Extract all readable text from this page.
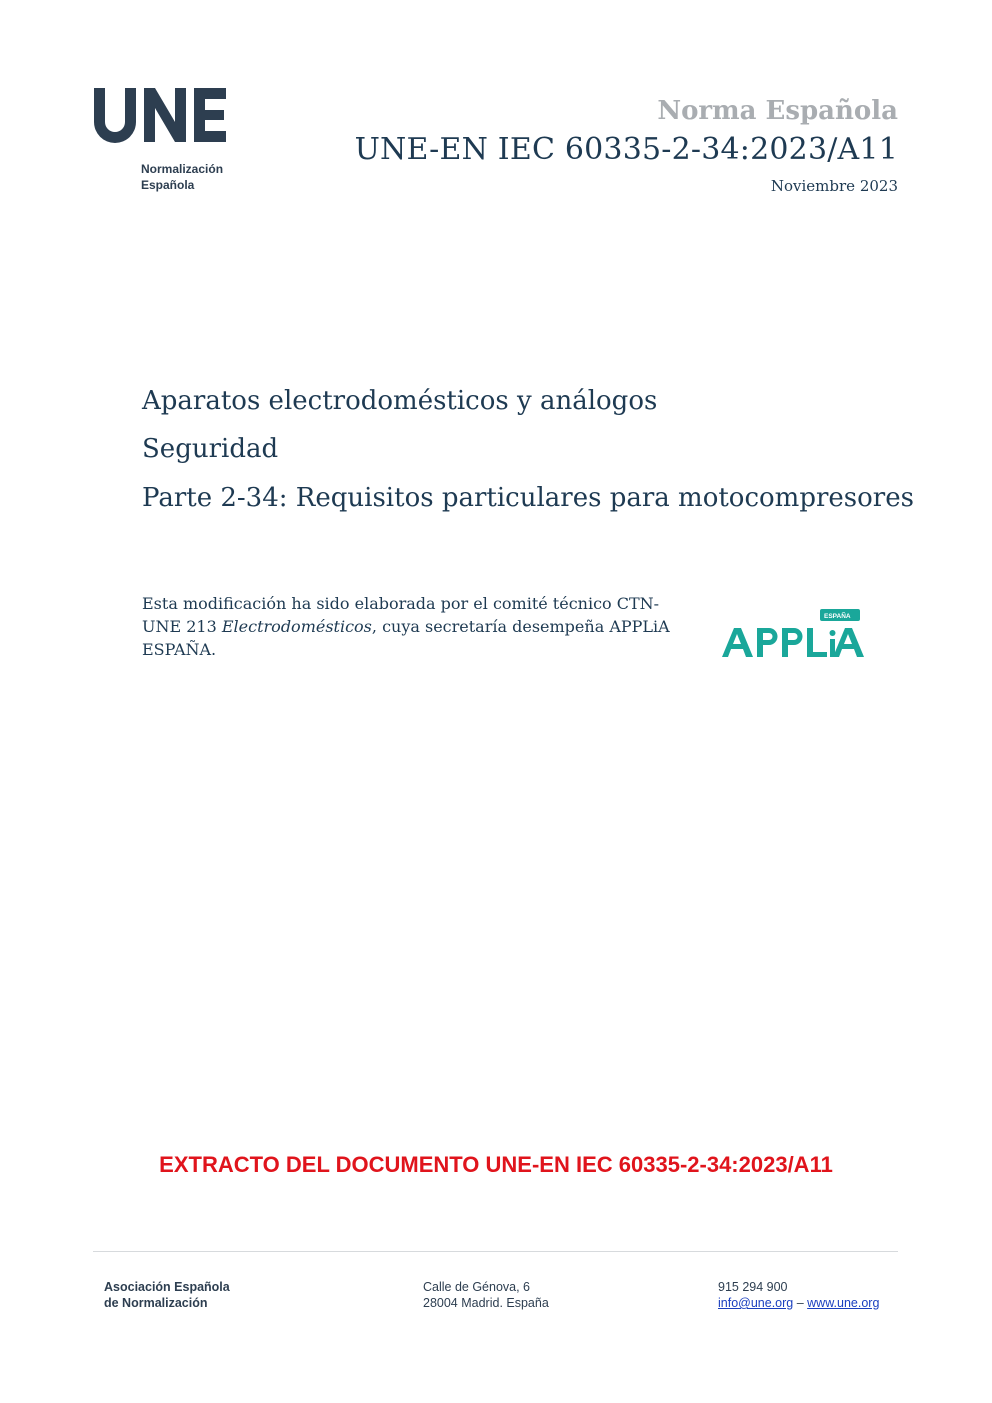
Normalización
Española
Norma Española
UNE-EN IEC 60335-2-34:2023/A11
Noviembre 2023
Aparatos electrodomésticos y análogos
Seguridad
Parte 2-34: Requisitos particulares para motocompresores
Esta modificación ha sido elaborada por el comité técnico CTN-UNE 213 Electrodomésticos, cuya secretaría desempeña APPLiA ESPAÑA.
ESPAÑA
EXTRACTO DEL DOCUMENTO UNE-EN IEC 60335-2-34:2023/A11
Asociación Española
de Normalización
Calle de Génova, 6
28004 Madrid. España
915 294 900
info@une.org – www.une.org
